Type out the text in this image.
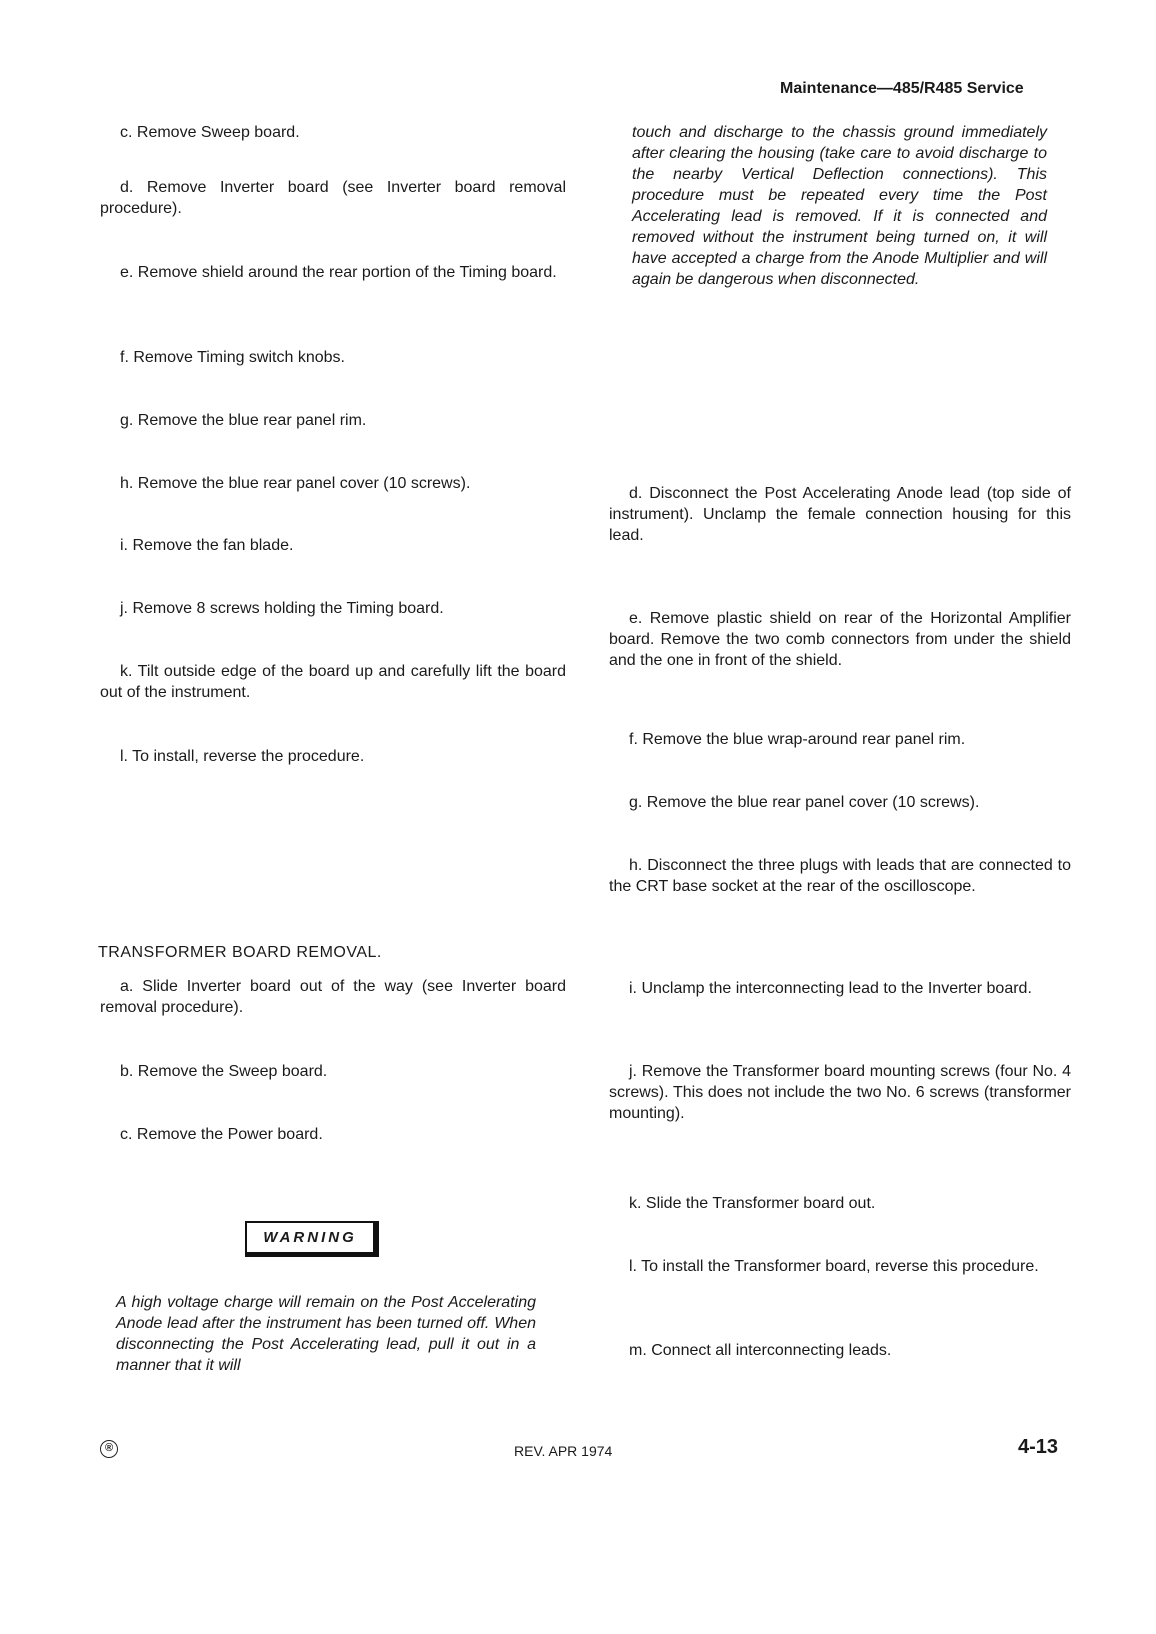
Maintenance—485/R485 Service
c. Remove Sweep board.
d. Remove Inverter board (see Inverter board removal procedure).
e. Remove shield around the rear portion of the Timing board.
f. Remove Timing switch knobs.
g. Remove the blue rear panel rim.
h. Remove the blue rear panel cover (10 screws).
i. Remove the fan blade.
j. Remove 8 screws holding the Timing board.
k. Tilt outside edge of the board up and carefully lift the board out of the instrument.
l. To install, reverse the procedure.
TRANSFORMER BOARD REMOVAL.
a. Slide Inverter board out of the way (see Inverter board removal procedure).
b. Remove the Sweep board.
c. Remove the Power board.
WARNING
A high voltage charge will remain on the Post Accelerating Anode lead after the instrument has been turned off. When disconnecting the Post Accelerating lead, pull it out in a manner that it will
touch and discharge to the chassis ground immediately after clearing the housing (take care to avoid discharge to the nearby Vertical Deflection connections). This procedure must be repeated every time the Post Accelerating lead is removed. If it is connected and removed without the instrument being turned on, it will have accepted a charge from the Anode Multiplier and will again be dangerous when disconnected.
d. Disconnect the Post Accelerating Anode lead (top side of instrument). Unclamp the female connection housing for this lead.
e. Remove plastic shield on rear of the Horizontal Amplifier board. Remove the two comb connectors from under the shield and the one in front of the shield.
f. Remove the blue wrap-around rear panel rim.
g. Remove the blue rear panel cover (10 screws).
h. Disconnect the three plugs with leads that are connected to the CRT base socket at the rear of the oscilloscope.
i. Unclamp the interconnecting lead to the Inverter board.
j. Remove the Transformer board mounting screws (four No. 4 screws). This does not include the two No. 6 screws (transformer mounting).
k. Slide the Transformer board out.
l. To install the Transformer board, reverse this procedure.
m. Connect all interconnecting leads.
®	REV. APR 1974	4-13
